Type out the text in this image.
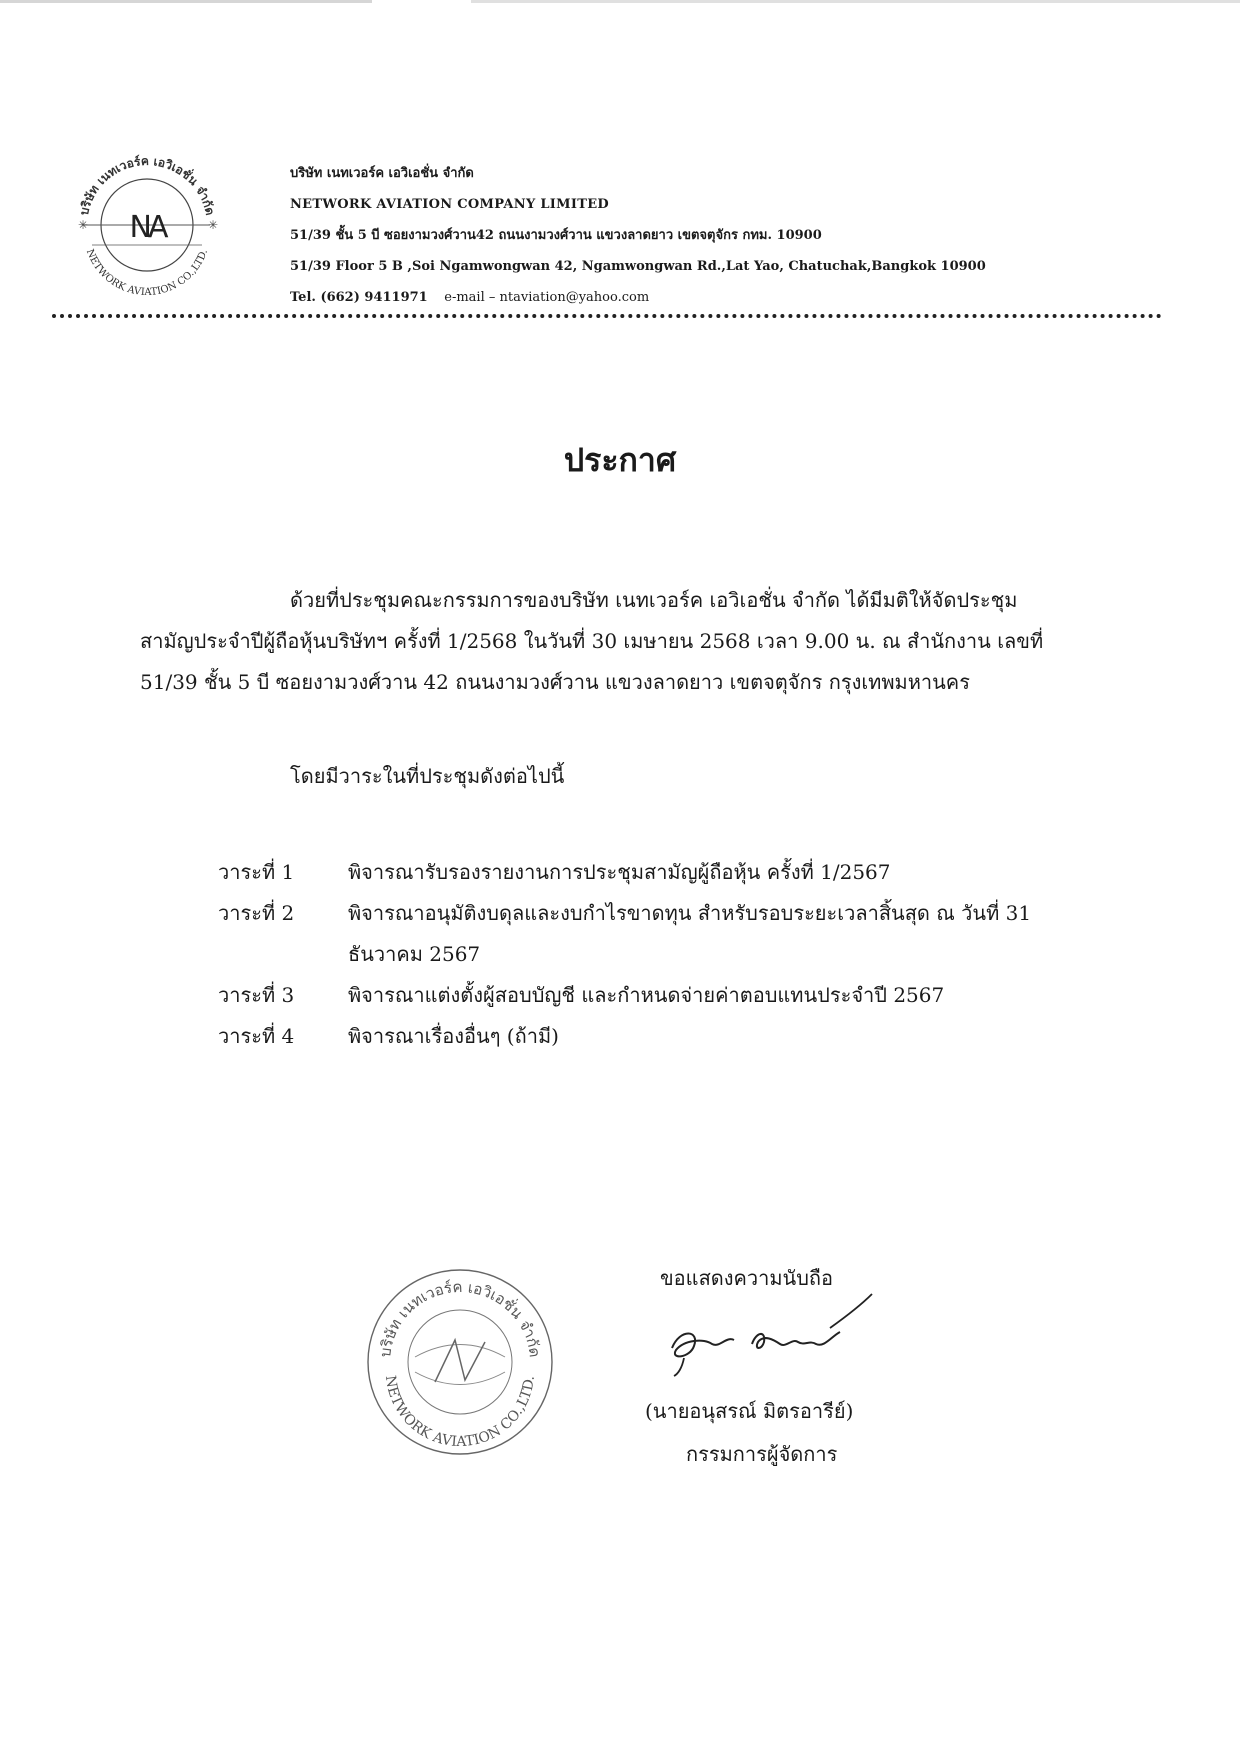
✳	✳
NA
บริษัท เนทเวอร์ค เอวิเอชั่น จำกัด
NETWORK AVIATION CO.,LTD.
บริษัท เนทเวอร์ค เอวิเอชั่น จำกัด
NETWORK AVIATION COMPANY LIMITED
51/39 ชั้น 5 บี ซอยงามวงศ์วาน42 ถนนงามวงศ์วาน แขวงลาดยาว เขตจตุจักร กทม. 10900
51/39 Floor 5 B ,Soi Ngamwongwan 42, Ngamwongwan Rd.,Lat Yao, Chatuchak,Bangkok 10900
Tel. (662) 9411971 e-mail – ntaviation@yahoo.com
ประกาศ
ด้วยที่ประชุมคณะกรรมการของบริษัท เนทเวอร์ค เอวิเอชั่น จำกัด ได้มีมติให้จัดประชุม
สามัญประจำปีผู้ถือหุ้นบริษัทฯ ครั้งที่ 1/2568 ในวันที่ 30 เมษายน 2568 เวลา 9.00 น. ณ สำนักงาน เลขที่
51/39 ชั้น 5 บี ซอยงามวงศ์วาน 42 ถนนงามวงศ์วาน แขวงลาดยาว เขตจตุจักร กรุงเทพมหานคร
โดยมีวาระในที่ประชุมดังต่อไปนี้
วาระที่ 1	พิจารณารับรองรายงานการประชุมสามัญผู้ถือหุ้น ครั้งที่ 1/2567
วาระที่ 2	พิจารณาอนุมัติงบดุลและงบกำไรขาดทุน สำหรับรอบระยะเวลาสิ้นสุด ณ วันที่ 31 ธันวาคม 2567
วาระที่ 3	พิจารณาแต่งตั้งผู้สอบบัญชี และกำหนดจ่ายค่าตอบแทนประจำปี 2567
วาระที่ 4	พิจารณาเรื่องอื่นๆ (ถ้ามี)
บริษัท เนทเวอร์ค เอวิเอชั่น จำกัด
NETWORK AVIATION CO.,LTD.
ขอแสดงความนับถือ
(นายอนุสรณ์ มิตรอารีย์)
กรรมการผู้จัดการ
